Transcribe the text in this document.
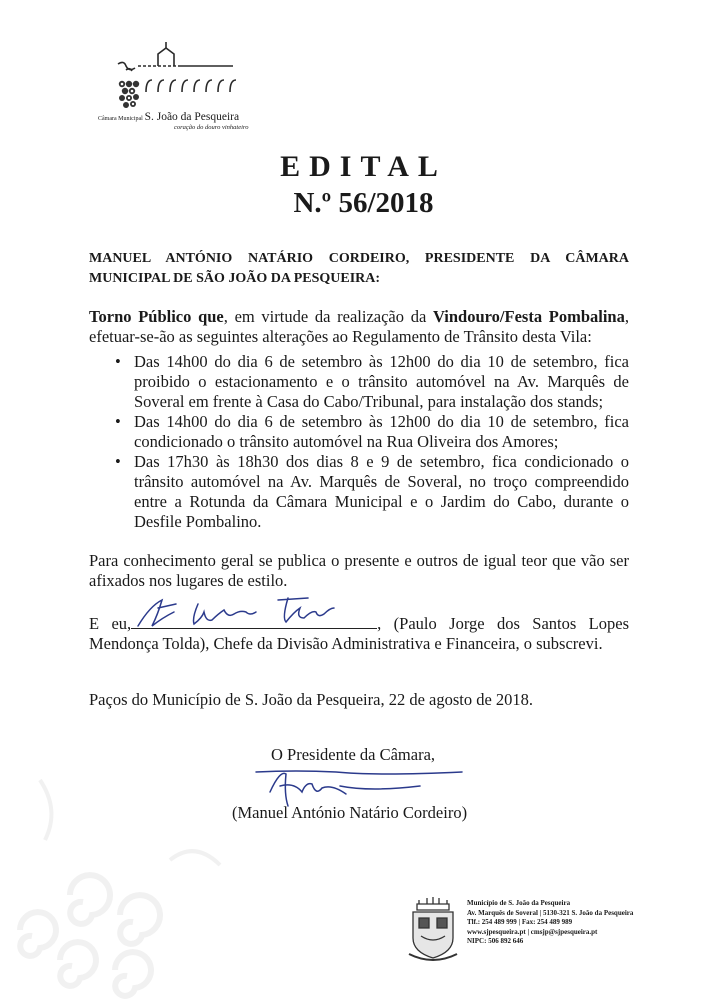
Câmara Municipal S. João da Pesqueira
coração do douro vinhateiro
EDITAL
N.º 56/2018
MANUEL ANTÓNIO NATÁRIO CORDEIRO, PRESIDENTE DA CÂMARA MUNICIPAL DE SÃO JOÃO DA PESQUEIRA:
Torno Público que, em virtude da realização da Vindouro/Festa Pombalina, efetuar-se-ão as seguintes alterações ao Regulamento de Trânsito desta Vila:
• Das 14h00 do dia 6 de setembro às 12h00 do dia 10 de setembro, fica proibido o estacionamento e o trânsito automóvel na Av. Marquês de Soveral em frente à Casa do Cabo/Tribunal, para instalação dos stands;
• Das 14h00 do dia 6 de setembro às 12h00 do dia 10 de setembro, fica condicionado o trânsito automóvel na Rua Oliveira dos Amores;
• Das 17h30 às 18h30 dos dias 8 e 9 de setembro, fica condicionado o trânsito automóvel na Av. Marquês de Soveral, no troço compreendido entre a Rotunda da Câmara Municipal e o Jardim do Cabo, durante o Desfile Pombalino.
Para conhecimento geral se publica o presente e outros de igual teor que vão ser afixados nos lugares de estilo.
E eu,	, (Paulo Jorge dos Santos Lopes Mendonça Tolda), Chefe da Divisão Administrativa e Financeira, o subscrevi.
Paços do Município de S. João da Pesqueira, 22 de agosto de 2018.
O Presidente da Câmara,
(Manuel António Natário Cordeiro)
Município de S. João da Pesqueira
Av. Marquês de Soveral | 5130-321 S. João da Pesqueira
Tlf.: 254 489 999 | Fax: 254 489 989
www.sjpesqueira.pt | cmsjp@sjpesqueira.pt
NIPC: 506 892 646
